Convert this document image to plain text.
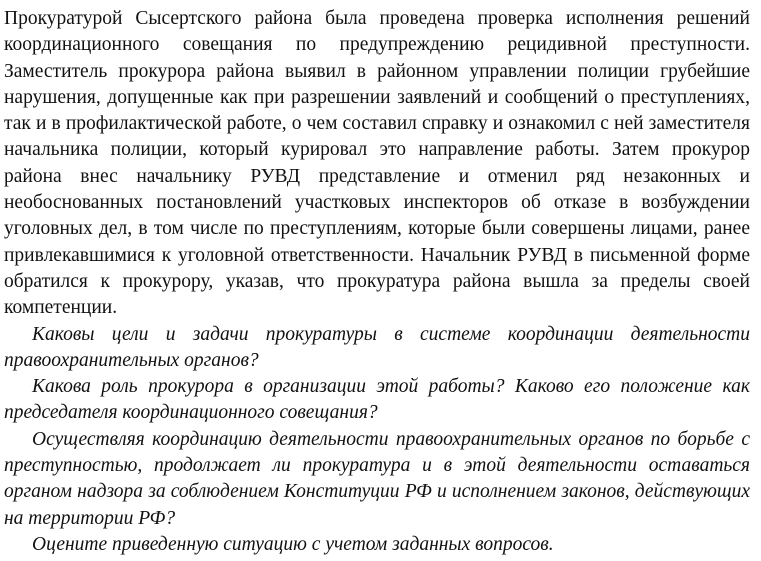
Прокуратурой Сысертского района была проведена проверка исполнения решений координационного совещания по предупреждению рецидивной преступности. Заместитель прокурора района выявил в районном управлении полиции грубейшие нарушения, допущенные как при разрешении заявлений и сообщений о преступлениях, так и в профилактической работе, о чем составил справку и ознакомил с ней заместителя начальника полиции, который курировал это направление работы. Затем прокурор района внес начальнику РУВД представление и отменил ряд незаконных и необоснованных постановлений участковых инспекторов об отказе в возбуждении уголовных дел, в том числе по преступлениям, которые были совершены лицами, ранее привлекавшимися к уголовной ответственности. Начальник РУВД в письменной форме обратился к прокурору, указав, что прокуратура района вышла за пределы своей компетенции.

Каковы цели и задачи прокуратуры в системе координации деятельности правоохранительных органов?

Какова роль прокурора в организации этой работы? Каково его положение как председателя координационного совещания?

Осуществляя координацию деятельности правоохранительных органов по борьбе с преступностью, продолжает ли прокуратура и в этой деятельности оставаться органом надзора за соблюдением Конституции РФ и исполнением законов, действующих на территории РФ?

Оцените приведенную ситуацию с учетом заданных вопросов.
